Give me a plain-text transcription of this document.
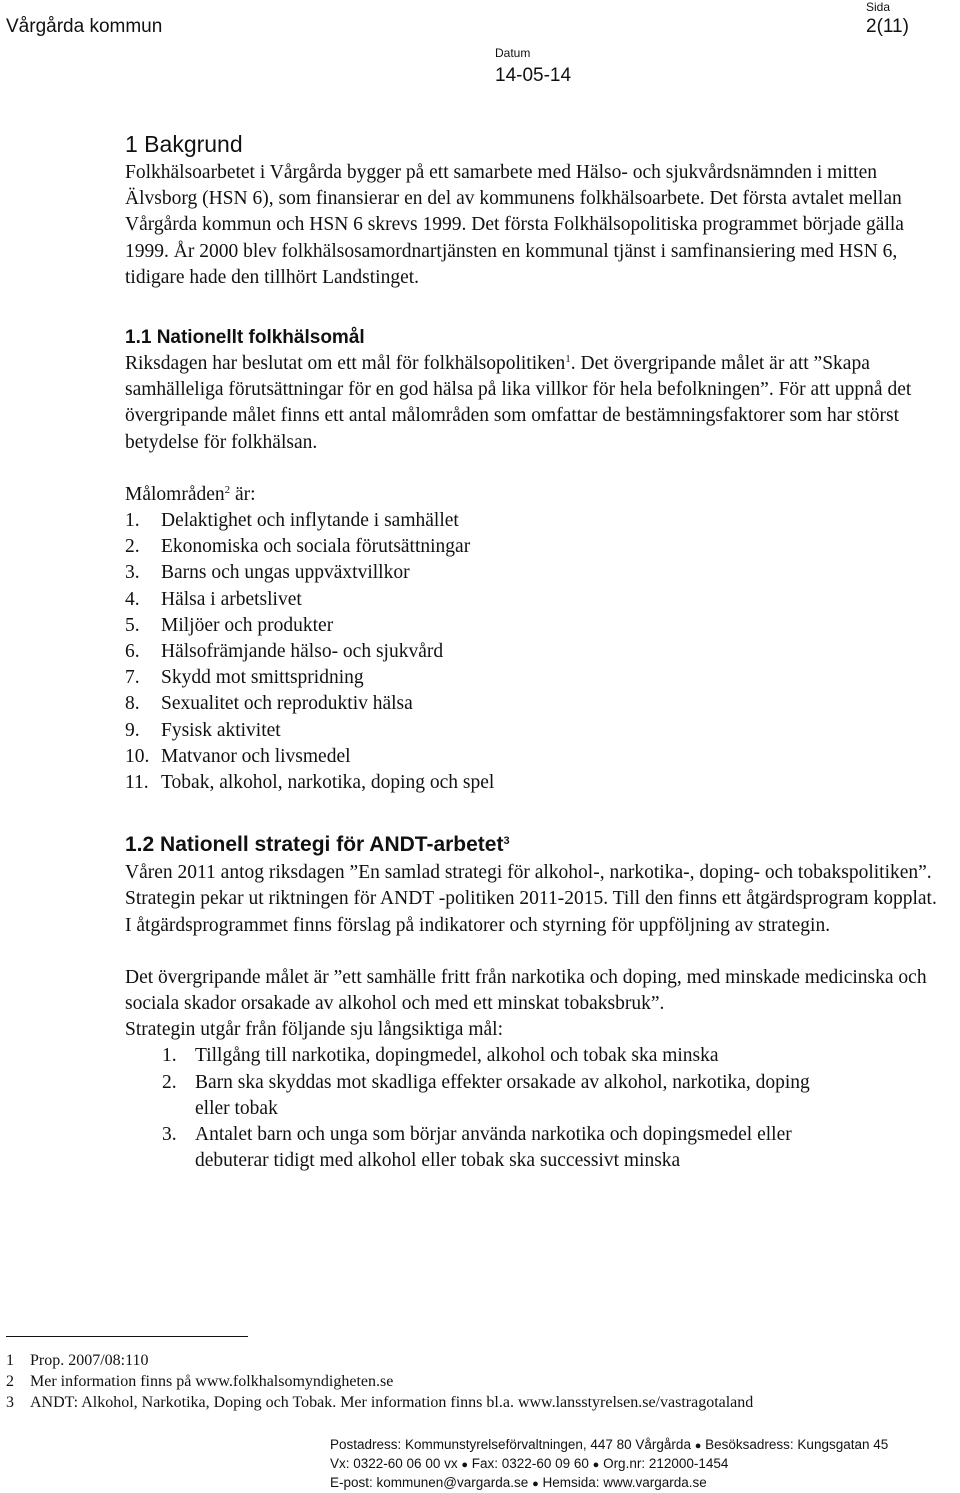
Vårgårda kommun
Sida
2(11)
Datum
14-05-14
1 Bakgrund

Folkhälsoarbetet i Vårgårda bygger på ett samarbete med Hälso- och sjukvårdsnämnden i mitten Älvsborg (HSN 6), som finansierar en del av kommunens folkhälsoarbete. Det första avtalet mellan Vårgårda kommun och HSN 6 skrevs 1999. Det första Folkhälsopolitiska programmet började gälla 1999. År 2000 blev folkhälsosamordnartjänsten en kommunal tjänst i samfinansiering med HSN 6, tidigare hade den tillhört Landstinget.

1.1 Nationellt folkhälsomål

Riksdagen har beslutat om ett mål för folkhälsopolitiken$^1$. Det övergripande målet är att ”Skapa samhälleliga förutsättningar för en god hälsa på lika villkor för hela befolkningen”. För att uppnå det övergripande målet finns ett antal målområden som omfattar de bestämningsfaktorer som har störst betydelse för folkhälsan.

Målområden$^2$ är:

1.	Delaktighet och inflytande i samhället
2.	Ekonomiska och sociala förutsättningar
3.	Barns och ungas uppväxtvillkor
4.	Hälsa i arbetslivet
5.	Miljöer och produkter
6.	Hälsofrämjande hälso- och sjukvård
7.	Skydd mot smittspridning
8.	Sexualitet och reproduktiv hälsa
9.	Fysisk aktivitet
10. Matvanor och livsmedel
11. Tobak, alkohol, narkotika, doping och spel
1.2 Nationell strategi för ANDT-arbetet$^3$

Våren 2011 antog riksdagen ”En samlad strategi för alkohol-, narkotika-, doping- och tobakspolitiken”. Strategin pekar ut riktningen för ANDT -politiken 2011-2015. Till den finns ett åtgärdsprogram kopplat. I åtgärdsprogrammet finns förslag på indikatorer och styrning för uppföljning av strategin.

Det övergripande målet är ”ett samhälle fritt från narkotika och doping, med minskade medicinska och sociala skador orsakade av alkohol och med ett minskat tobaksbruk”.

Strategin utgår från följande sju långsiktiga mål:

1. Tillgång till narkotika, dopingmedel, alkohol och tobak ska minska
2. Barn ska skyddas mot skadliga effekter orsakade av alkohol, narkotika, doping eller tobak
3. Antalet barn och unga som börjar använda narkotika och dopingsmedel eller debuterar tidigt med alkohol eller tobak ska successivt minska
1	Prop. 2007/08:110
2	Mer information finns på www.folkhalsomyndigheten.se
3	ANDT: Alkohol, Narkotika, Doping och Tobak. Mer information finns bl.a. www.lansstyrelsen.se/vastragotaland
Postadress: Kommunstyrelseförvaltningen, 447 80 Vårgårda ● Besöksadress: Kungsgatan 45
Vx: 0322-60 06 00 vx ● Fax: 0322-60 09 60 ● Org.nr: 212000-1454
E-post: kommunen@vargarda.se ● Hemsida: www.vargarda.se
